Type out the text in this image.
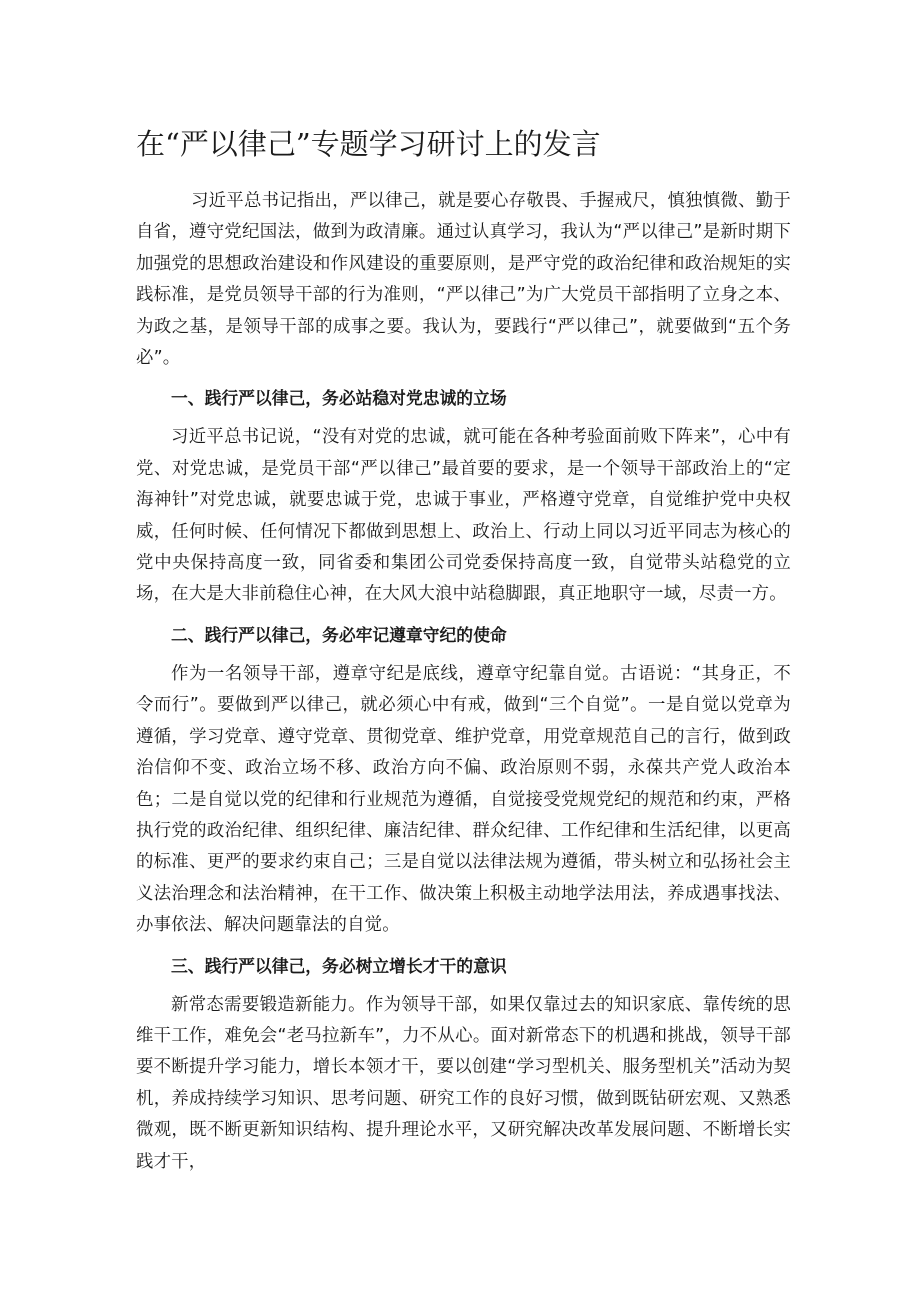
在“严以律己”专题学习研讨上的发言

习近平总书记指出，严以律己，就是要心存敬畏、手握戒尺，慎独慎微、勤于自省，遵守党纪国法，做到为政清廉。通过认真学习，我认为“严以律己”是新时期下加强党的思想政治建设和作风建设的重要原则，是严守党的政治纪律和政治规矩的实践标准，是党员领导干部的行为准则，“严以律己”为广大党员干部指明了立身之本、为政之基，是领导干部的成事之要。我认为，要践行“严以律己”，就要做到“五个务必”。

一、践行严以律己，务必站稳对党忠诚的立场

习近平总书记说，“没有对党的忠诚，就可能在各种考验面前败下阵来”，心中有党、对党忠诚，是党员干部“严以律己”最首要的要求，是一个领导干部政治上的“定海神针”对党忠诚，就要忠诚于党，忠诚于事业，严格遵守党章，自觉维护党中央权威，任何时候、任何情况下都做到思想上、政治上、行动上同以习近平同志为核心的党中央保持高度一致，同省委和集团公司党委保持高度一致，自觉带头站稳党的立场，在大是大非前稳住心神，在大风大浪中站稳脚跟，真正地职守一域，尽责一方。

二、践行严以律己，务必牢记遵章守纪的使命

作为一名领导干部，遵章守纪是底线，遵章守纪靠自觉。古语说：“其身正，不令而行”。要做到严以律己，就必须心中有戒，做到“三个自觉”。一是自觉以党章为遵循，学习党章、遵守党章、贯彻党章、维护党章，用党章规范自己的言行，做到政治信仰不变、政治立场不移、政治方向不偏、政治原则不弱，永葆共产党人政治本色；二是自觉以党的纪律和行业规范为遵循，自觉接受党规党纪的规范和约束，严格执行党的政治纪律、组织纪律、廉洁纪律、群众纪律、工作纪律和生活纪律，以更高的标准、更严的要求约束自己；三是自觉以法律法规为遵循，带头树立和弘扬社会主义法治理念和法治精神，在干工作、做决策上积极主动地学法用法，养成遇事找法、办事依法、解决问题靠法的自觉。

三、践行严以律己，务必树立增长才干的意识

新常态需要锻造新能力。作为领导干部，如果仅靠过去的知识家底、靠传统的思维干工作，难免会“老马拉新车”，力不从心。面对新常态下的机遇和挑战，领导干部要不断提升学习能力，增长本领才干，要以创建“学习型机关、服务型机关”活动为契机，养成持续学习知识、思考问题、研究工作的良好习惯，做到既钻研宏观、又熟悉微观，既不断更新知识结构、提升理论水平，又研究解决改革发展问题、不断增长实践才干，
